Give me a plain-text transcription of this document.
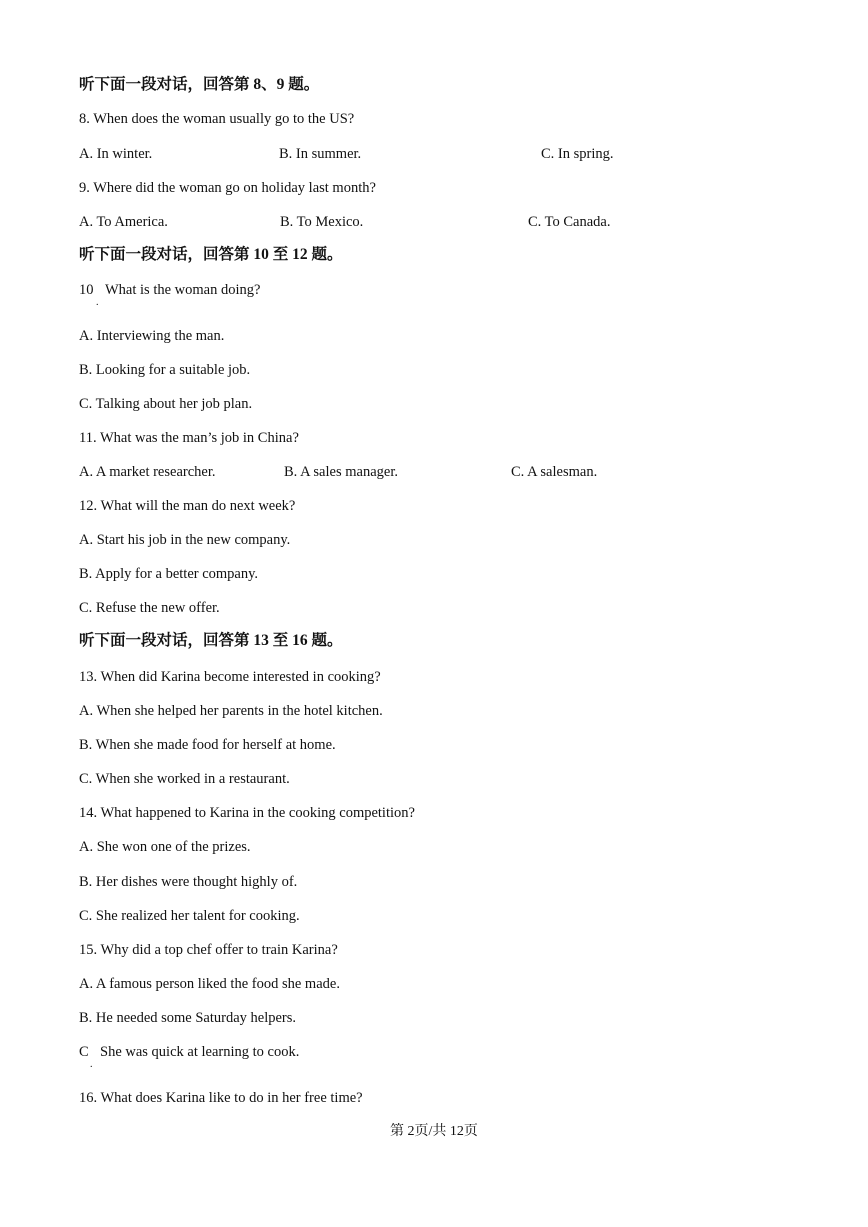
听下面一段对话，回答第 8、9 题。
8. When does the woman usually go to the US?
A. In winter.	B. In summer.	C. In spring.
9. Where did the woman go on holiday last month?
A. To America.	B. To Mexico.	C. To Canada.
听下面一段对话，回答第 10 至 12 题。
10
.
What is the woman doing?
A. Interviewing the man.
B. Looking for a suitable job.
C. Talking about her job plan.
11. What was the man’s job in China?
A. A market researcher.	B. A sales manager.	C. A salesman.
12. What will the man do next week?
A. Start his job in the new company.
B. Apply for a better company.
C. Refuse the new offer.
听下面一段对话，回答第 13 至 16 题。
13. When did Karina become interested in cooking?
A. When she helped her parents in the hotel kitchen.
B. When she made food for herself at home.
C. When she worked in a restaurant.
14. What happened to Karina in the cooking competition?
A. She won one of the prizes.
B. Her dishes were thought highly of.
C. She realized her talent for cooking.
15. Why did a top chef offer to train Karina?
A. A famous person liked the food she made.
B. He needed some Saturday helpers.
C
.
She was quick at learning to cook.
16. What does Karina like to do in her free time?
第 2页/共 12页
